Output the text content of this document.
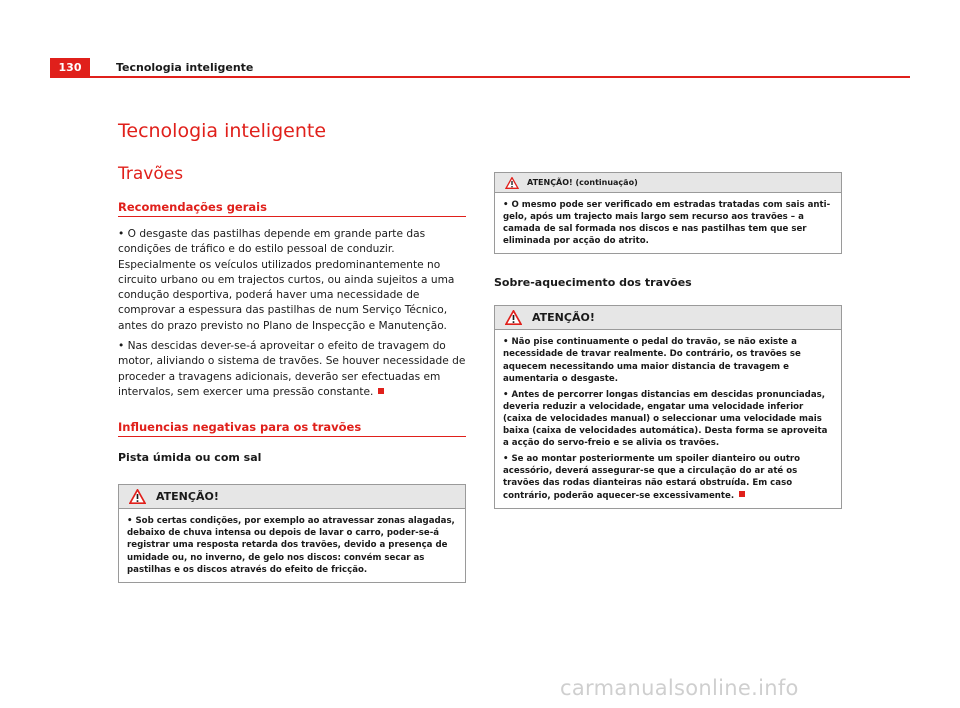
130	Tecnologia inteligente
Tecnologia inteligente
Travões
Recomendações gerais

• O desgaste das pastilhas depende em grande parte das condições de tráfico e do estilo pessoal de conduzir. Especialmente os veículos utilizados predominantemente no circuito urbano ou em trajectos curtos, ou ainda sujeitos a uma condução desportiva, poderá haver uma necessidade de comprovar a espessura das pastilhas de num Serviço Técnico, antes do prazo previsto no Plano de Inspecção e Manutenção.

• Nas descidas dever-se-á aproveitar o efeito de travagem do motor, aliviando o sistema de travões. Se houver necessidade de proceder a travagens adicionais, deverão ser efectuadas em intervalos, sem exercer uma pressão constante.

Influencias negativas para os travões
Pista úmida ou com sal
ATENÇÃO!

• Sob certas condições, por exemplo ao atravessar zonas alagadas, debaixo de chuva intensa ou depois de lavar o carro, poder-se-á registrar uma resposta retarda dos travões, devido a presença de umidade ou, no inverno, de gelo nos discos: convém secar as pastilhas e os discos através do efeito de fricção.

ATENÇÃO! (continuação)

• O mesmo pode ser verificado em estradas tratadas com sais anti-gelo, após um trajecto mais largo sem recurso aos travões – a camada de sal formada nos discos e nas pastilhas tem que ser eliminada por acção do atrito.

Sobre-aquecimento dos travões
ATENÇÃO!

• Não pise continuamente o pedal do travão, se não existe a necessidade de travar realmente. Do contrário, os travões se aquecem necessitando uma maior distancia de travagem e aumentaria o desgaste.

• Antes de percorrer longas distancias em descidas pronunciadas, deveria reduzir a velocidade, engatar uma velocidade inferior (caixa de velocidades manual) o seleccionar uma velocidade mais baixa (caixa de velocidades automática). Desta forma se aproveita a acção do servo-freio e se alivia os travões.

• Se ao montar posteriormente um spoiler dianteiro ou outro acessório, deverá assegurar-se que a circulação do ar até os travões das rodas dianteiras não estará obstruída. Em caso contrário, poderão aquecer-se excessivamente.

carmanualsonline.info
